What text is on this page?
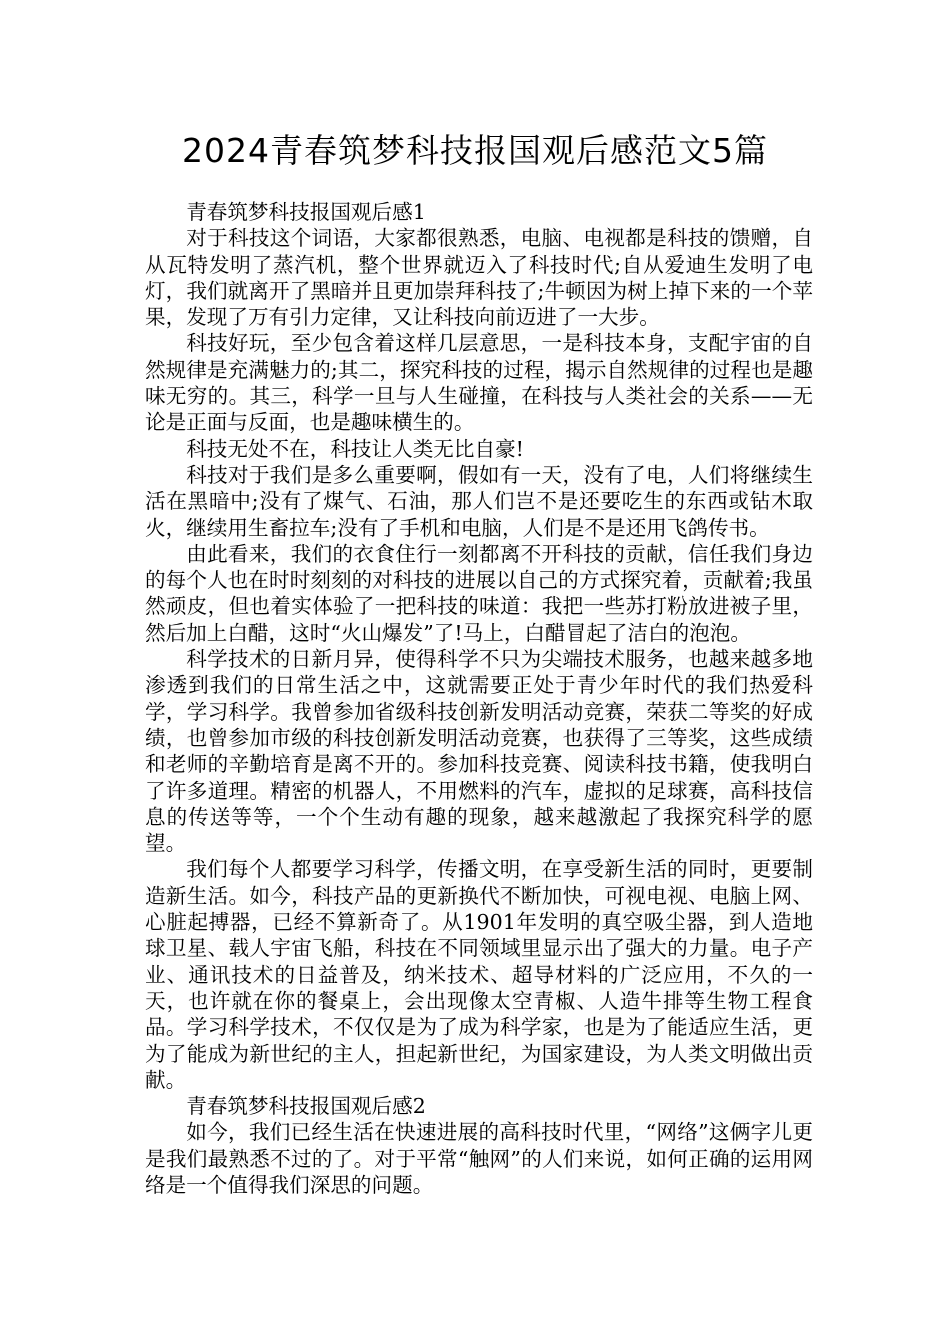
2024青春筑梦科技报国观后感范文5篇

青春筑梦科技报国观后感1

对于科技这个词语，大家都很熟悉，电脑、电视都是科技的馈赠，自从瓦特发明了蒸汽机，整个世界就迈入了科技时代;自从爱迪生发明了电灯，我们就离开了黑暗并且更加崇拜科技了;牛顿因为树上掉下来的一个苹果，发现了万有引力定律，又让科技向前迈进了一大步。

科技好玩，至少包含着这样几层意思，一是科技本身，支配宇宙的自然规律是充满魅力的;其二，探究科技的过程，揭示自然规律的过程也是趣味无穷的。其三，科学一旦与人生碰撞，在科技与人类社会的关系——无论是正面与反面，也是趣味横生的。

科技无处不在，科技让人类无比自豪!

科技对于我们是多么重要啊，假如有一天，没有了电，人们将继续生活在黑暗中;没有了煤气、石油，那人们岂不是还要吃生的东西或钻木取火，继续用生畜拉车;没有了手机和电脑，人们是不是还用飞鸽传书。

由此看来，我们的衣食住行一刻都离不开科技的贡献，信任我们身边的每个人也在时时刻刻的对科技的进展以自己的方式探究着，贡献着;我虽然顽皮，但也着实体验了一把科技的味道：我把一些苏打粉放进被子里，然后加上白醋，这时“火山爆发”了!马上，白醋冒起了洁白的泡泡。

科学技术的日新月异，使得科学不只为尖端技术服务，也越来越多地渗透到我们的日常生活之中，这就需要正处于青少年时代的我们热爱科学，学习科学。我曾参加省级科技创新发明活动竞赛，荣获二等奖的好成绩，也曾参加市级的科技创新发明活动竞赛，也获得了三等奖，这些成绩和老师的辛勤培育是离不开的。参加科技竞赛、阅读科技书籍，使我明白了许多道理。精密的机器人，不用燃料的汽车，虚拟的足球赛，高科技信息的传送等等，一个个生动有趣的现象，越来越激起了我探究科学的愿望。

我们每个人都要学习科学，传播文明，在享受新生活的同时，更要制造新生活。如今，科技产品的更新换代不断加快，可视电视、电脑上网、心脏起搏器，已经不算新奇了。从1901年发明的真空吸尘器，到人造地球卫星、载人宇宙飞船，科技在不同领域里显示出了强大的力量。电子产业、通讯技术的日益普及，纳米技术、超导材料的广泛应用，不久的一天，也许就在你的餐桌上，会出现像太空青椒、人造牛排等生物工程食品。学习科学技术，不仅仅是为了成为科学家，也是为了能适应生活，更为了能成为新世纪的主人，担起新世纪，为国家建设，为人类文明做出贡献。

青春筑梦科技报国观后感2

如今，我们已经生活在快速进展的高科技时代里，“网络”这俩字儿更是我们最熟悉不过的了。对于平常“触网”的人们来说，如何正确的运用网络是一个值得我们深思的问题。
